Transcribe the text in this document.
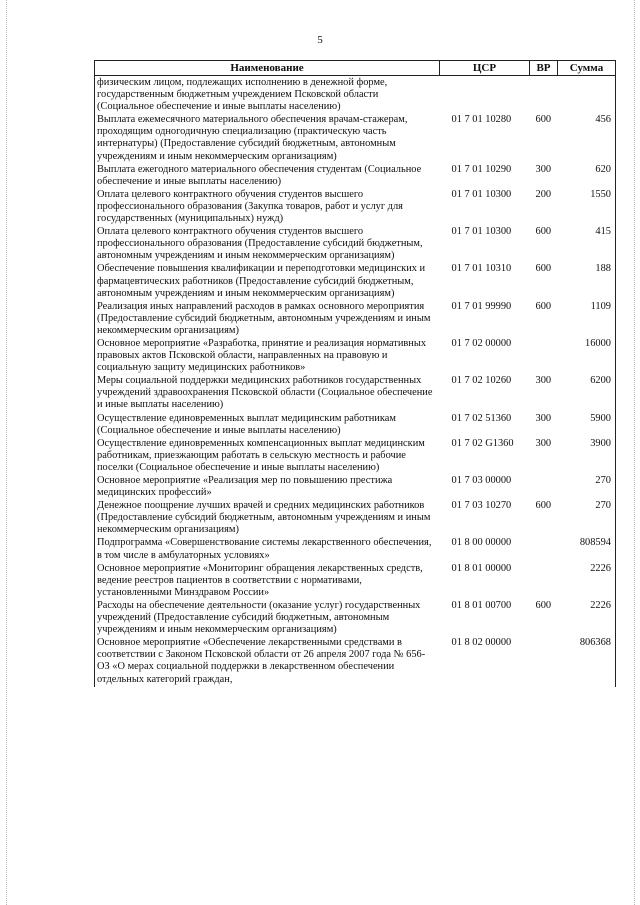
5
Наименование	ЦСР	ВР	Сумма
физическим лицом, подлежащих исполнению в денежной форме, государственным бюджетным учреждением Псковской области (Социальное обеспечение и иные выплаты населению)			
Выплата ежемесячного материального обеспечения врачам-стажерам, проходящим одногодичную специализацию (практическую часть интернатуры) (Предоставление субсидий бюджетным, автономным учреждениям и иным некоммерческим организациям)	01 7 01 10280	600	456
Выплата ежегодного материального обеспечения студентам (Социальное обеспечение и иные выплаты населению)	01 7 01 10290	300	620
Оплата целевого контрактного обучения студентов высшего профессионального образования (Закупка товаров, работ и услуг для государственных (муниципальных) нужд)	01 7 01 10300	200	1550
Оплата целевого контрактного обучения студентов высшего профессионального образования (Предоставление субсидий бюджетным, автономным учреждениям и иным некоммерческим организациям)	01 7 01 10300	600	415
Обеспечение повышения квалификации и переподготовки медицинских и фармацевтических работников (Предоставление субсидий бюджетным, автономным учреждениям и иным некоммерческим организациям)	01 7 01 10310	600	188
Реализация иных направлений расходов в рамках основного мероприятия (Предоставление субсидий бюджетным, автономным учреждениям и иным некоммерческим организациям)	01 7 01 99990	600	1109
Основное мероприятие «Разработка, принятие и реализация нормативных правовых актов Псковской области, направленных на правовую и социальную защиту медицинских работников»	01 7 02 00000		16000
Меры социальной поддержки медицинских работников государственных учреждений здравоохранения Псковской области (Социальное обеспечение и иные выплаты населению)	01 7 02 10260	300	6200
Осуществление единовременных выплат медицинским работникам (Социальное обеспечение и иные выплаты населению)	01 7 02 51360	300	5900
Осуществление единовременных компенсационных выплат медицинским работникам, приезжающим работать в сельскую местность и рабочие поселки (Социальное обеспечение и иные выплаты населению)	01 7 02 G1360	300	3900
Основное мероприятие «Реализация мер по повышению престижа медицинских профессий»	01 7 03 00000		270
Денежное поощрение лучших врачей и средних медицинских работников (Предоставление субсидий бюджетным, автономным учреждениям и иным некоммерческим организациям)	01 7 03 10270	600	270
Подпрограмма «Совершенствование системы лекарственного обеспечения, в том числе в амбулаторных условиях»	01 8 00 00000		808594
Основное мероприятие «Мониторинг обращения лекарственных средств, ведение реестров пациентов в соответствии с нормативами, установленными Минздравом России»	01 8 01 00000		2226
Расходы на обеспечение деятельности (оказание услуг) государственных учреждений (Предоставление субсидий бюджетным, автономным учреждениям и иным некоммерческим организациям)	01 8 01 00700	600	2226
Основное мероприятие «Обеспечение лекарственными средствами в соответствии с Законом Псковской области от 26 апреля 2007 года № 656-ОЗ «О мерах социальной поддержки в лекарственном обеспечении отдельных категорий граждан,	01 8 02 00000		806368
